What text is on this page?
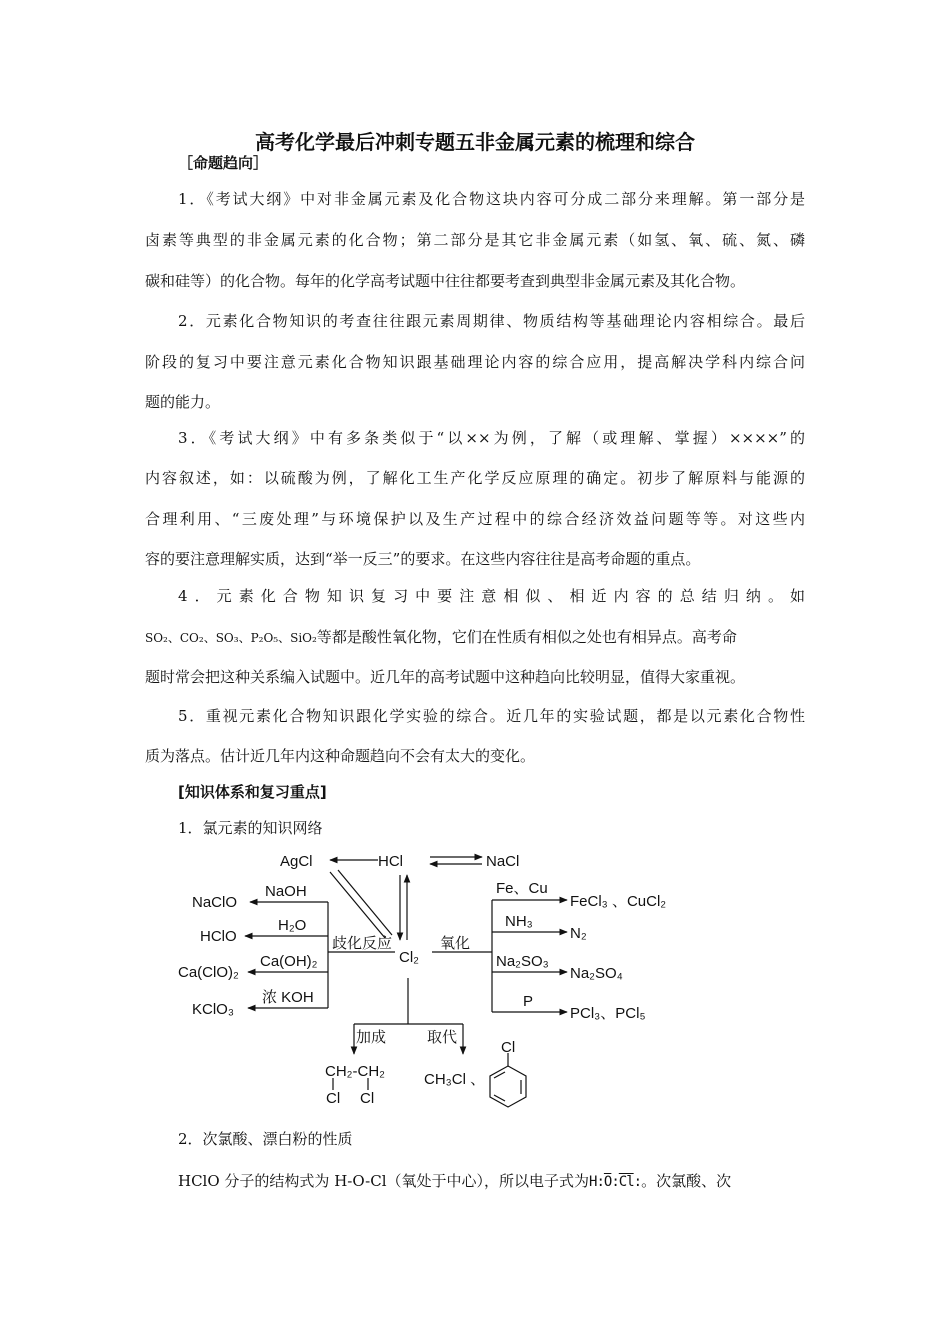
高考化学最后冲刺专题五非金属元素的梳理和综合
［命题趋向］
1．《考试大纲》中对非金属元素及化合物这块内容可分成二部分来理解。第一部分是
卤素等典型的非金属元素的化合物；第二部分是其它非金属元素（如氢、氧、硫、氮、磷
碳和硅等）的化合物。每年的化学高考试题中往往都要考查到典型非金属元素及其化合物。
2．元素化合物知识的考查往往跟元素周期律、物质结构等基础理论内容相综合。最后
阶段的复习中要注意元素化合物知识跟基础理论内容的综合应用，提高解决学科内综合问
题的能力。
3．《考试大纲》中有多条类似于“以××为例，了解（或理解、掌握）××××”的
内容叙述，如：以硫酸为例，了解化工生产化学反应原理的确定。初步了解原料与能源的
合理利用、“三废处理”与环境保护以及生产过程中的综合经济效益问题等等。对这些内
容的要注意理解实质，达到“举一反三”的要求。在这些内容往往是高考命题的重点。
4．元素化合物知识复习中要注意相似、相近内容的总结归纳。如
SO₂、CO₂、SO₃、P₂O₅、SiO₂等都是酸性氧化物，它们在性质有相似之处也有相异点。高考命
题时常会把这种关系编入试题中。近几年的高考试题中这种趋向比较明显，值得大家重视。
5．重视元素化合物知识跟化学实验的综合。近几年的实验试题，都是以元素化合物性
质为落点。估计近几年内这种命题趋向不会有太大的变化。
[知识体系和复习重点]
1．氯元素的知识网络
HCl
AgCl	NaCl
Cl₂
歧化反应	氧化
NaOH
NaClO
H₂O
HClO
Ca(OH)₂
Ca(ClO)₂
浓 KOH
KClO₃
Fe、Cu
FeCl₃ 、CuCl₂
NH₃
N₂
Na₂SO₃
Na₂SO₄
P
PCl₃、PCl₅
加成	取代
CH₂-CH₂
Cl Cl
CH₃Cl 、
Cl
2．次氯酸、漂白粉的性质
HClO 分子的结构式为 H-O-Cl（氧处于中心），所以电子式为$H:\overline{O}:\overline{Cl}$:。次氯酸、次
